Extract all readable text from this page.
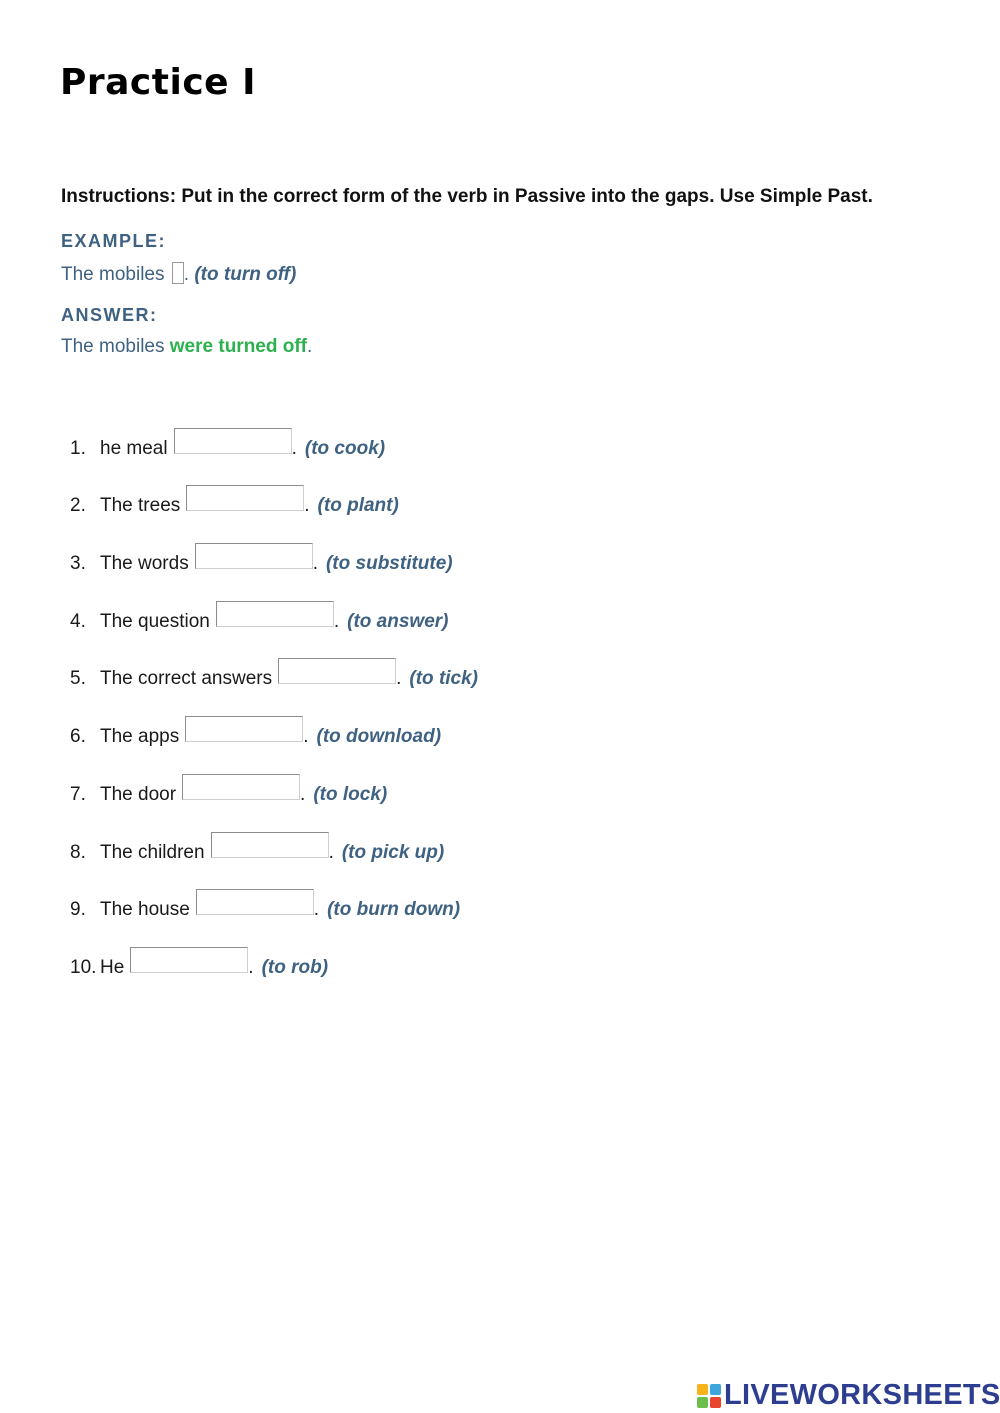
Practice I
Instructions: Put in the correct form of the verb in Passive into the gaps. Use Simple Past.
EXAMPLE:
The mobiles . (to turn off)
ANSWER:
The mobiles were turned off.
1. he meal	. (to cook)
2. The trees	. (to plant)
3. The words	. (to substitute)
4. The question	. (to answer)
5. The correct answers	. (to tick)
6. The apps	. (to download)
7. The door	. (to lock)
8. The children	. (to pick up)
9. The house	. (to burn down)
10. He	. (to rob)
LIVEWORKSHEETS
